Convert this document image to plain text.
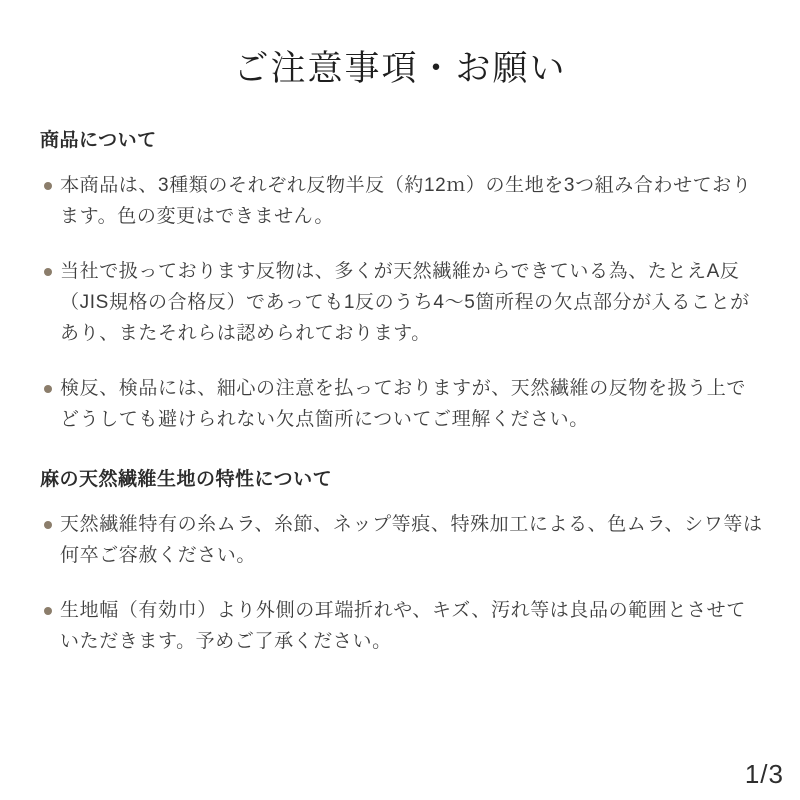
ご注意事項・お願い
商品について

本商品は、3種類のそれぞれ反物半反（約12ｍ）の生地を3つ組み合わせております。色の変更はできません。

当社で扱っております反物は、多くが天然繊維からできている為、たとえA反（JIS規格の合格反）であっても1反のうち4～5箇所程の欠点部分が入ることがあり、またそれらは認められております。

検反、検品には、細心の注意を払っておりますが、天然繊維の反物を扱う上でどうしても避けられない欠点箇所についてご理解ください。

麻の天然繊維生地の特性について

天然繊維特有の糸ムラ、糸節、ネップ等痕、特殊加工による、色ムラ、シワ等は何卒ご容赦ください。

生地幅（有効巾）より外側の耳端折れや、キズ、汚れ等は良品の範囲とさせていただきます。予めご了承ください。

1/3
